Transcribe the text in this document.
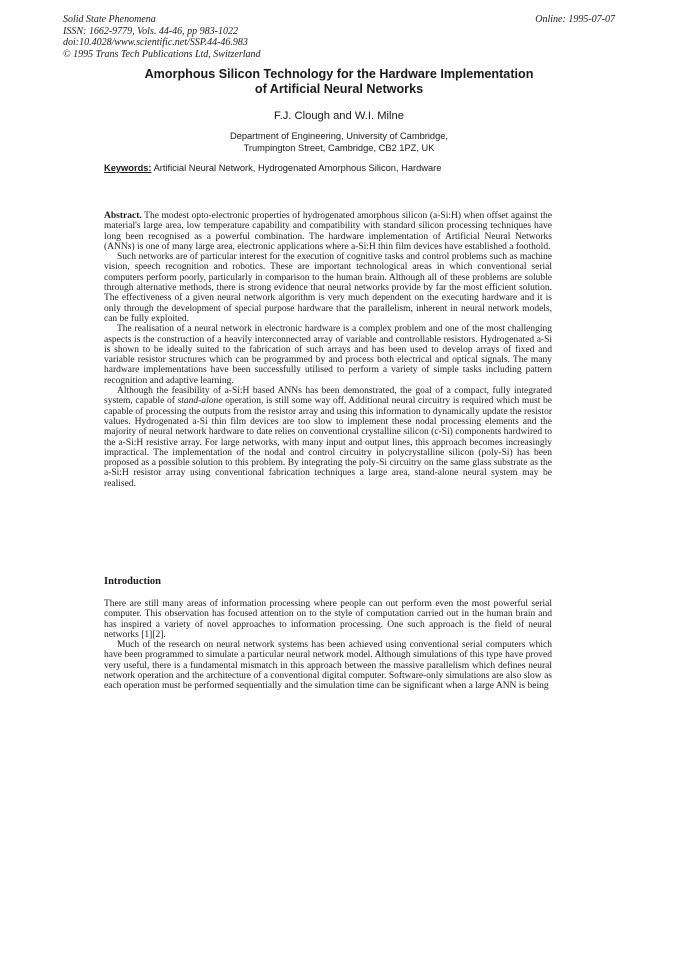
Solid State Phenomena
ISSN: 1662-9779, Vols. 44-46, pp 983-1022
doi:10.4028/www.scientific.net/SSP.44-46.983
© 1995 Trans Tech Publications Ltd, Switzerland
Online: 1995-07-07
Amorphous Silicon Technology for the Hardware Implementation
of Artificial Neural Networks
F.J. Clough and W.I. Milne
Department of Engineering, University of Cambridge,
Trumpington Street, Cambridge, CB2 1PZ, UK
Keywords: Artificial Neural Network, Hydrogenated Amorphous Silicon, Hardware

Abstract. The modest opto-electronic properties of hydrogenated amorphous silicon (a-Si:H) when offset against the material's large area, low temperature capability and compatibility with standard silicon processing techniques have long been recognised as a powerful combination. The hardware implementation of Artificial Neural Networks (ANNs) is one of many large area, electronic applications where a-Si:H thin film devices have established a foothold.

Such networks are of particular interest for the execution of cognitive tasks and control problems such as machine vision, speech recognition and robotics. These are important technological areas in which conventional serial computers perform poorly, particularly in comparison to the human brain. Although all of these problems are soluble through alternative methods, there is strong evidence that neural networks provide by far the most efficient solution. The effectiveness of a given neural network algorithm is very much dependent on the executing hardware and it is only through the development of special purpose hardware that the parallelism, inherent in neural network models, can be fully exploited.

The realisation of a neural network in electronic hardware is a complex problem and one of the most challenging aspects is the construction of a heavily interconnected array of variable and controllable resistors. Hydrogenated a-Si is shown to be ideally suited to the fabrication of such arrays and has been used to develop arrays of fixed and variable resistor structures which can be programmed by and process both electrical and optical signals. The many hardware implementations have been successfully utilised to perform a variety of simple tasks including pattern recognition and adaptive learning.

Although the feasibility of a-Si:H based ANNs has been demonstrated, the goal of a compact, fully integrated system, capable of stand-alone operation, is still some way off. Additional neural circuitry is required which must be capable of processing the outputs from the resistor array and using this information to dynamically update the resistor values. Hydrogenated a-Si thin film devices are too slow to implement these nodal processing elements and the majority of neural network hardware to date relies on conventional crystalline silicon (c-Si) components hardwired to the a-Si:H resistive array. For large networks, with many input and output lines, this approach becomes increasingly impractical. The implementation of the nodal and control circuitry in polycrystalline silicon (poly-Si) has been proposed as a possible solution to this problem. By integrating the poly-Si circuitry on the same glass substrate as the a-Si:H resistor array using conventional fabrication techniques a large area, stand-alone neural system may be realised.

Introduction

There are still many areas of information processing where people can out perform even the most powerful serial computer. This observation has focused attention on to the style of computation carried out in the human brain and has inspired a variety of novel approaches to information processing. One such approach is the field of neural networks [1][2].

Much of the research on neural network systems has been achieved using conventional serial computers which have been programmed to simulate a particular neural network model. Although simulations of this type have proved very useful, there is a fundamental mismatch in this approach between the massive parallelism which defines neural network operation and the architecture of a conventional digital computer. Software-only simulations are also slow as each operation must be performed sequentially and the simulation time can be significant when a large ANN is being
